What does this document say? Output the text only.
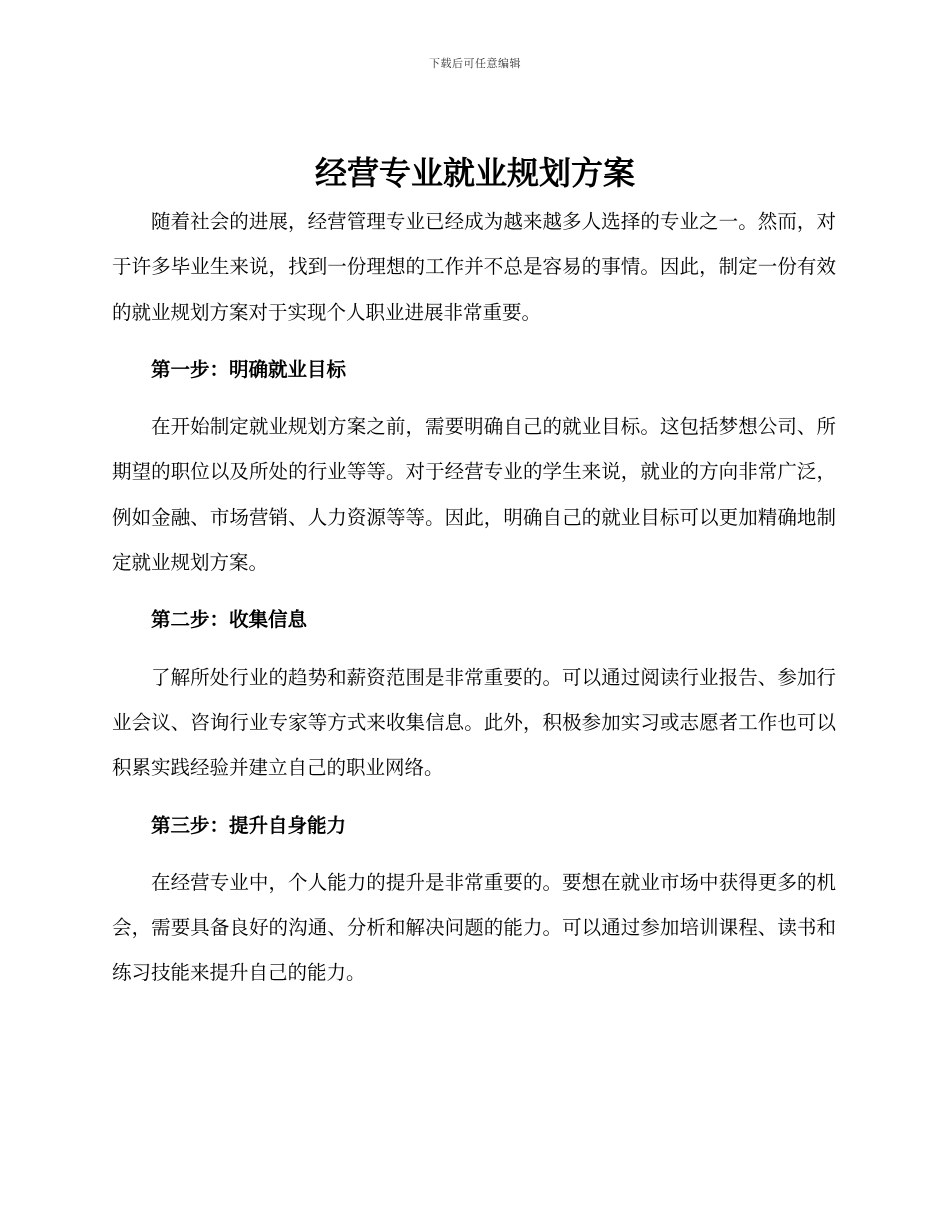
下载后可任意编辑
经营专业就业规划方案

随着社会的进展，经营管理专业已经成为越来越多人选择的专业之一。然而，对于许多毕业生来说，找到一份理想的工作并不总是容易的事情。因此，制定一份有效的就业规划方案对于实现个人职业进展非常重要。

第一步：明确就业目标

在开始制定就业规划方案之前，需要明确自己的就业目标。这包括梦想公司、所期望的职位以及所处的行业等等。对于经营专业的学生来说，就业的方向非常广泛，例如金融、市场营销、人力资源等等。因此，明确自己的就业目标可以更加精确地制定就业规划方案。

第二步：收集信息

了解所处行业的趋势和薪资范围是非常重要的。可以通过阅读行业报告、参加行业会议、咨询行业专家等方式来收集信息。此外，积极参加实习或志愿者工作也可以积累实践经验并建立自己的职业网络。

第三步：提升自身能力

在经营专业中，个人能力的提升是非常重要的。要想在就业市场中获得更多的机会，需要具备良好的沟通、分析和解决问题的能力。可以通过参加培训课程、读书和练习技能来提升自己的能力。
